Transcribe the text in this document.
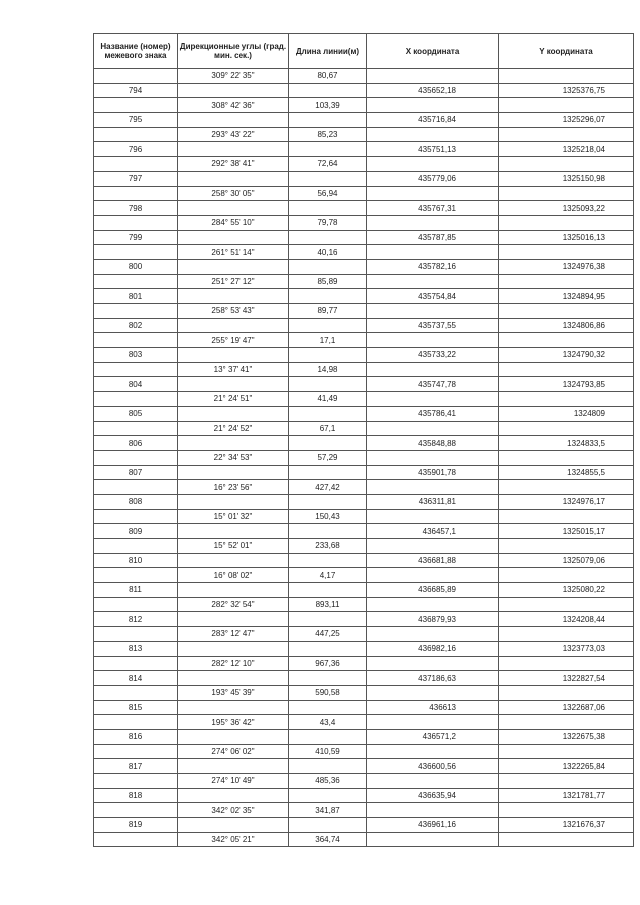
Название (номер) межевого знака	Дирекционные углы (град. мин. сек.)	Длина линии(м)	X координата	Y координата
	309° 22' 35"	80,67		
794			435652,18	1325376,75
	308° 42' 36"	103,39		
795			435716,84	1325296,07
	293° 43' 22"	85,23		
796			435751,13	1325218,04
	292° 38' 41"	72,64		
797			435779,06	1325150,98
	258° 30' 05"	56,94		
798			435767,31	1325093,22
	284° 55' 10"	79,78		
799			435787,85	1325016,13
	261° 51' 14"	40,16		
800			435782,16	1324976,38
	251° 27' 12"	85,89		
801			435754,84	1324894,95
	258° 53' 43"	89,77		
802			435737,55	1324806,86
	255° 19' 47"	17,1		
803			435733,22	1324790,32
	13° 37' 41"	14,98		
804			435747,78	1324793,85
	21° 24' 51"	41,49		
805			435786,41	1324809
	21° 24' 52"	67,1		
806			435848,88	1324833,5
	22° 34' 53"	57,29		
807			435901,78	1324855,5
	16° 23' 56"	427,42		
808			436311,81	1324976,17
	15° 01' 32"	150,43		
809			436457,1	1325015,17
	15° 52' 01"	233,68		
810			436681,88	1325079,06
	16° 08' 02"	4,17		
811			436685,89	1325080,22
	282° 32' 54"	893,11		
812			436879,93	1324208,44
	283° 12' 47"	447,25		
813			436982,16	1323773,03
	282° 12' 10"	967,36		
814			437186,63	1322827,54
	193° 45' 39"	590,58		
815			436613	1322687,06
	195° 36' 42"	43,4		
816			436571,2	1322675,38
	274° 06' 02"	410,59		
817			436600,56	1322265,84
	274° 10' 49"	485,36		
818			436635,94	1321781,77
	342° 02' 35"	341,87		
819			436961,16	1321676,37
	342° 05' 21"	364,74		
